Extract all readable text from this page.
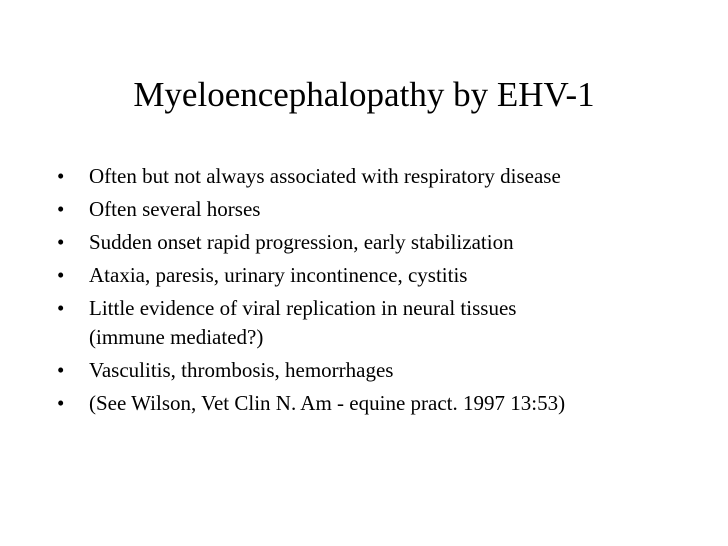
Myeloencephalopathy by EHV-1
• Often but not always associated with respiratory disease
• Often several horses
• Sudden onset rapid progression, early stabilization
• Ataxia, paresis, urinary incontinence, cystitis
• Little evidence of viral replication in neural tissues
(immune mediated?)
• Vasculitis, thrombosis, hemorrhages
• (See Wilson, Vet Clin N. Am - equine pract. 1997 13:53)
